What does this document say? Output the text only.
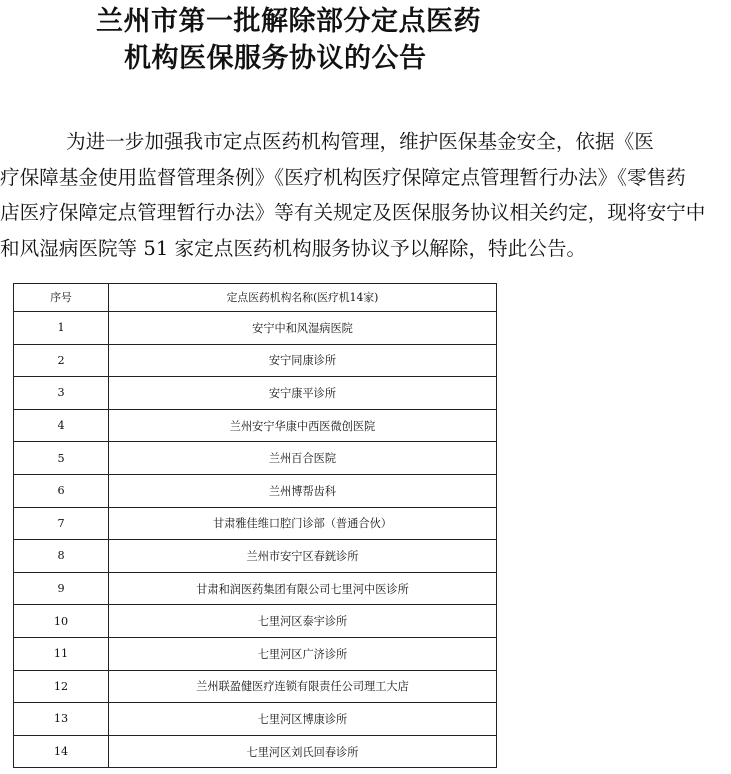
兰州市第一批解除部分定点医药
机构医保服务协议的公告
为进一步加强我市定点医药机构管理，维护医保基金安全，依据《医
疗保障基金使用监督管理条例》《医疗机构医疗保障定点管理暂行办法》《零售药
店医疗保障定点管理暂行办法》等有关规定及医保服务协议相关约定，现将安宁中
和风湿病医院等 51 家定点医药机构服务协议予以解除，特此公告。
序号	定点医药机构名称(医疗机14家)
1	安宁中和风湿病医院
2	安宁同康诊所
3	安宁康平诊所
4	兰州安宁华康中西医微创医院
5	兰州百合医院
6	兰州博帮齿科
7	甘肃雅佳维口腔门诊部（普通合伙）
8	兰州市安宁区春銧诊所
9	甘肃和润医药集团有限公司七里河中医诊所
10	七里河区泰宇诊所
11	七里河区广济诊所
12	兰州联盈健医疗连锁有限责任公司理工大店
13	七里河区博康诊所
14	七里河区刘氏回春诊所
